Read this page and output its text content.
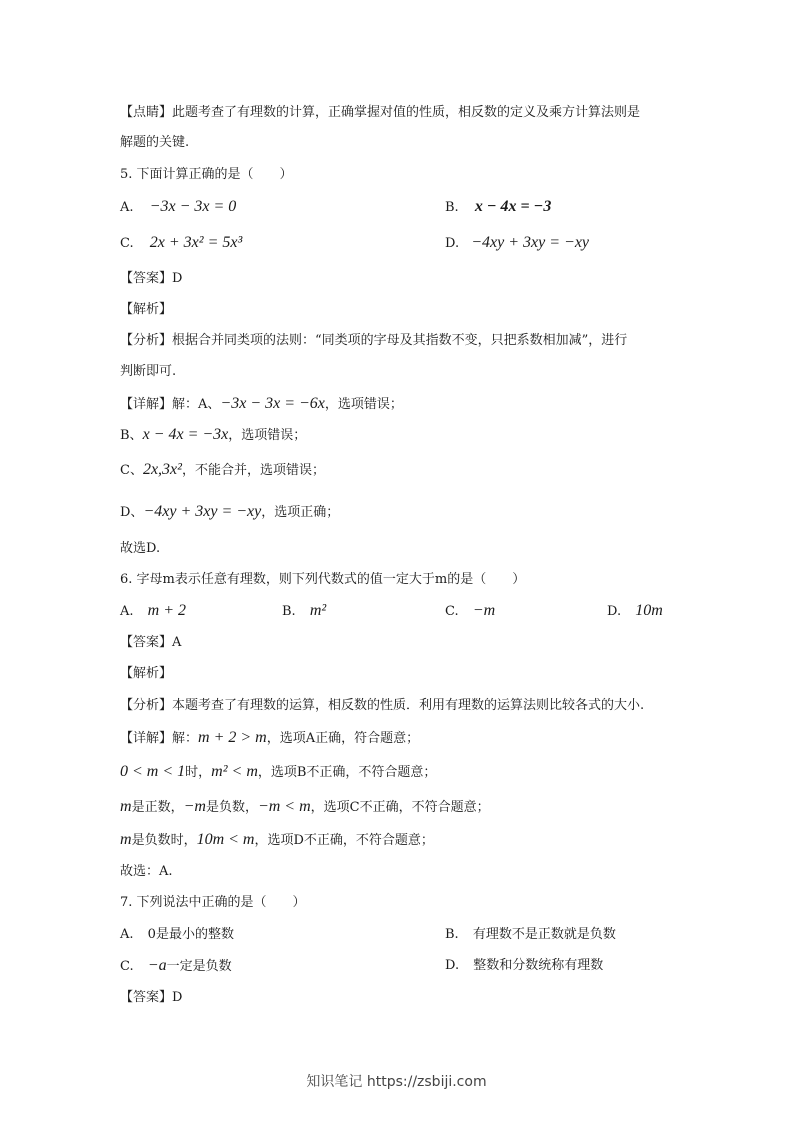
【点睛】此题考查了有理数的计算，正确掌握对值的性质，相反数的定义及乘方计算法则是
解题的关键.
5. 下面计算正确的是（　　）
A. −3x − 3x = 0	B. x − 4x = −3
C. 2x + 3x² = 5x³	D. −4xy + 3xy = −xy
【答案】D
【解析】
【分析】根据合并同类项的法则：“同类项的字母及其指数不变，只把系数相加减”，进行
判断即可.
【详解】解：A、−3x − 3x = −6x，选项错误；
B、x − 4x = −3x，选项错误；
C、2x,3x²，不能合并，选项错误；
D、−4xy + 3xy = −xy，选项正确；
故选D.
6. 字母m表示任意有理数，则下列代数式的值一定大于m的是（　　）
A. m + 2	B. m²	C. −m	D. 10m
【答案】A
【解析】
【分析】本题考查了有理数的运算，相反数的性质．利用有理数的运算法则比较各式的大小.
【详解】解：m + 2 > m，选项A正确，符合题意；
0 < m < 1时，m² < m，选项B不正确，不符合题意；
m是正数，−m是负数，−m < m，选项C不正确，不符合题意；
m是负数时，10m < m，选项D不正确，不符合题意；
故选：A.
7. 下列说法中正确的是（　　）
A. 0是最小的整数	B. 有理数不是正数就是负数
C. −a一定是负数	D. 整数和分数统称有理数
【答案】D
知识笔记 https://zsbiji.com
